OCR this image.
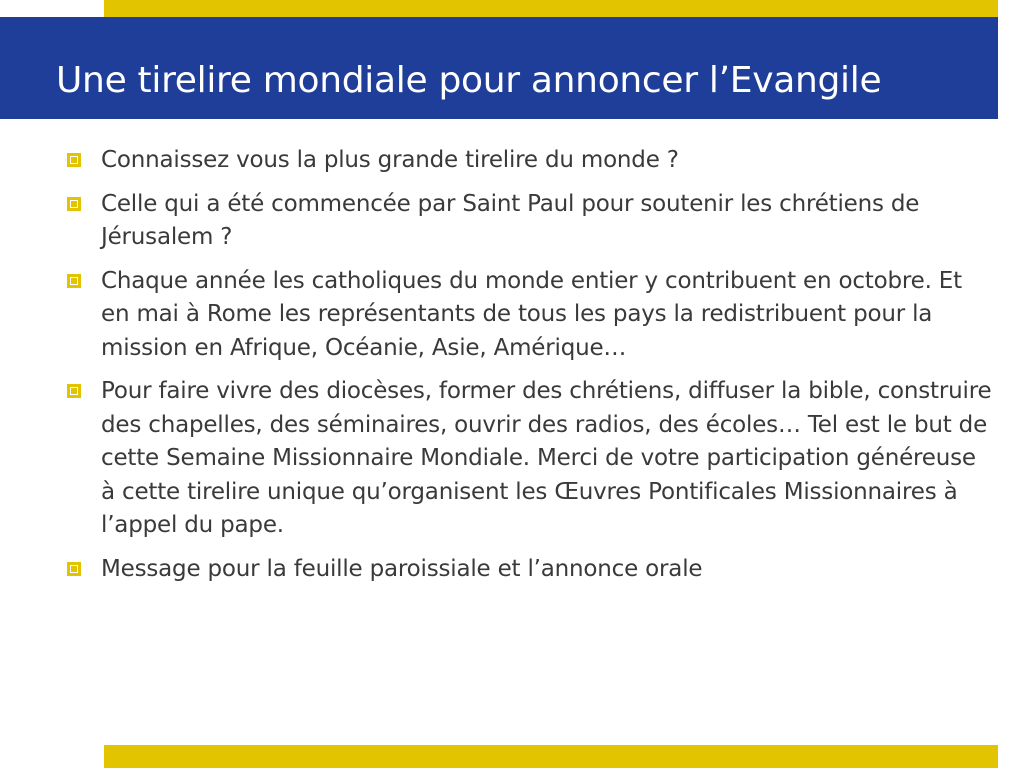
Une tirelire mondiale pour annoncer l’Evangile
Connaissez vous la plus grande tirelire du monde ?
Celle qui a été commencée par Saint Paul pour soutenir les chrétiens de Jérusalem ?
Chaque année les catholiques du monde entier y contribuent en octobre. Et en mai à Rome les représentants de tous les pays la redistribuent pour la mission en Afrique, Océanie, Asie, Amérique…
Pour faire vivre des diocèses, former des chrétiens, diffuser la bible, construire des chapelles, des séminaires, ouvrir des radios, des écoles… Tel est le but de cette Semaine Missionnaire Mondiale. Merci de votre participation généreuse à cette tirelire unique qu’organisent les Œuvres Pontificales Missionnaires à l’appel du pape.
Message pour la feuille paroissiale et l’annonce orale
